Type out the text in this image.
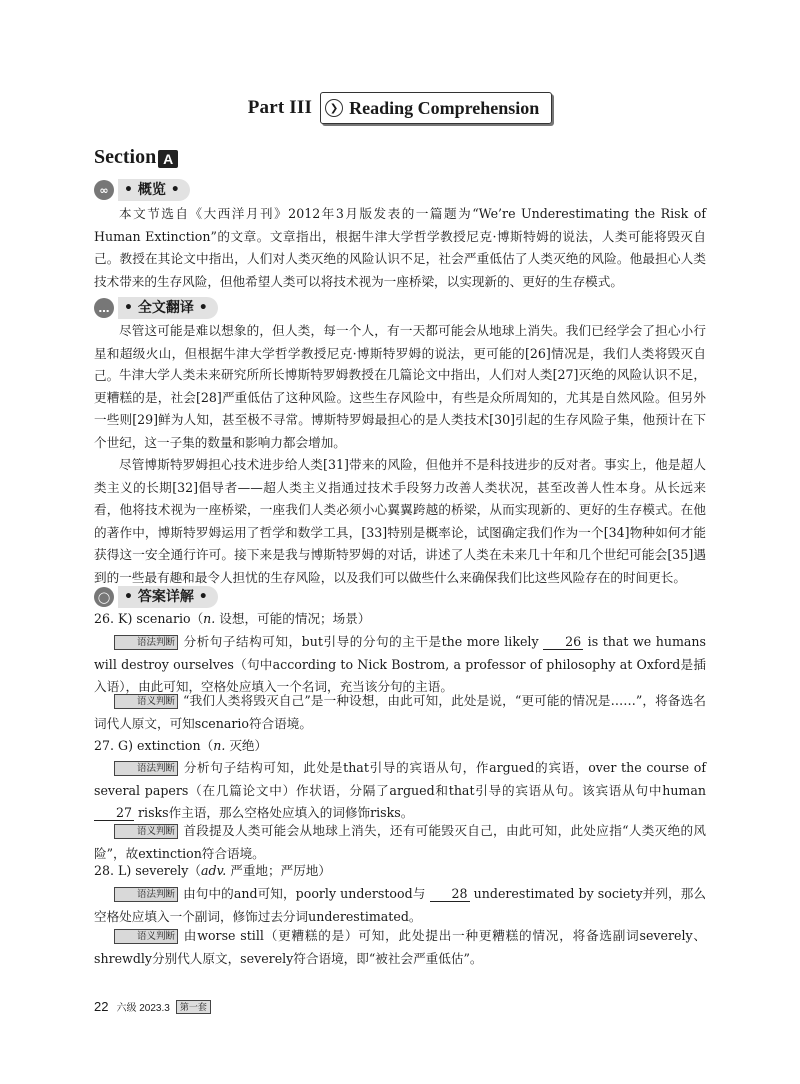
Part III	❯ Reading Comprehension
Section A
∞	• 概览 •

本文节选自《大西洋月刊》2012年3月版发表的一篇题为“We’re Underestimating the Risk of Human Extinction”的文章。文章指出，根据牛津大学哲学教授尼克·博斯特姆的说法，人类可能将毁灭自己。教授在其论文中指出，人们对人类灭绝的风险认识不足，社会严重低估了人类灭绝的风险。他最担心人类技术带来的生存风险，但他希望人类可以将技术视为一座桥梁，以实现新的、更好的生存模式。

…	• 全文翻译 •

尽管这可能是难以想象的，但人类，每一个人，有一天都可能会从地球上消失。我们已经学会了担心小行星和超级火山，但根据牛津大学哲学教授尼克·博斯特罗姆的说法，更可能的[26]情况是，我们人类将毁灭自己。 牛津大学人类未来研究所所长博斯特罗姆教授在几篇论文中指出，人们对人类[27]灭绝的风险认识不足，更糟糕的是，社会[28]严重低估了这种风险。这些生存风险中，有些是众所周知的，尤其是自然风险。但另外一些则[29]鲜为人知，甚至极不寻常。博斯特罗姆最担心的是人类技术[30]引起的生存风险子集，他预计在下个世纪，这一子集的数量和影响力都会增加。

尽管博斯特罗姆担心技术进步给人类[31]带来的风险，但他并不是科技进步的反对者。事实上，他是超人类主义的长期[32]倡导者——超人类主义指通过技术手段努力改善人类状况，甚至改善人性本身。从长远来看，他将技术视为一座桥梁，一座我们人类必须小心翼翼跨越的桥梁，从而实现新的、更好的生存模式。在他的著作中，博斯特罗姆运用了哲学和数学工具，[33]特别是概率论，试图确定我们作为一个[34]物种如何才能获得这一安全通行许可。接下来是我与博斯特罗姆的对话，讲述了人类在未来几十年和几个世纪可能会[35]遇到的一些最有趣和最令人担忧的生存风险，以及我们可以做些什么来确保我们比这些风险存在的时间更长。

◯ • 答案详解 •
26. K) scenario（n. 设想，可能的情况；场景）

语法判断 分析句子结构可知，but引导的分句的主干是the more likely 26 is that we humans will destroy ourselves（句中according to Nick Bostrom, a professor of philosophy at Oxford是插入语），由此可知，空格处应填入一个名词，充当该分句的主语。

语义判断 “我们人类将毁灭自己”是一种设想，由此可知，此处是说，“更可能的情况是……”，将备选名词代人原文，可知scenario符合语境。

27. G) extinction（n. 灭绝）

语法判断 分析句子结构可知，此处是that引导的宾语从句，作argued的宾语，over the course of several papers（在几篇论文中）作状语，分隔了argued和that引导的宾语从句。该宾语从句中human 27 risks作主语，那么空格处应填入的词修饰risks。

语义判断 首段提及人类可能会从地球上消失，还有可能毁灭自己，由此可知，此处应指“人类灭绝的风险”，故extinction符合语境。

28. L) severely（adv. 严重地；严厉地）

语法判断 由句中的and可知，poorly understood与 28 underestimated by society并列，那么空格处应填入一个副词，修饰过去分词underestimated。

语义判断 由worse still（更糟糕的是）可知，此处提出一种更糟糕的情况，将备选副词severely、shrewdly分别代人原文，severely符合语境，即“被社会严重低估”。

22 六级 2023.3	第一套
